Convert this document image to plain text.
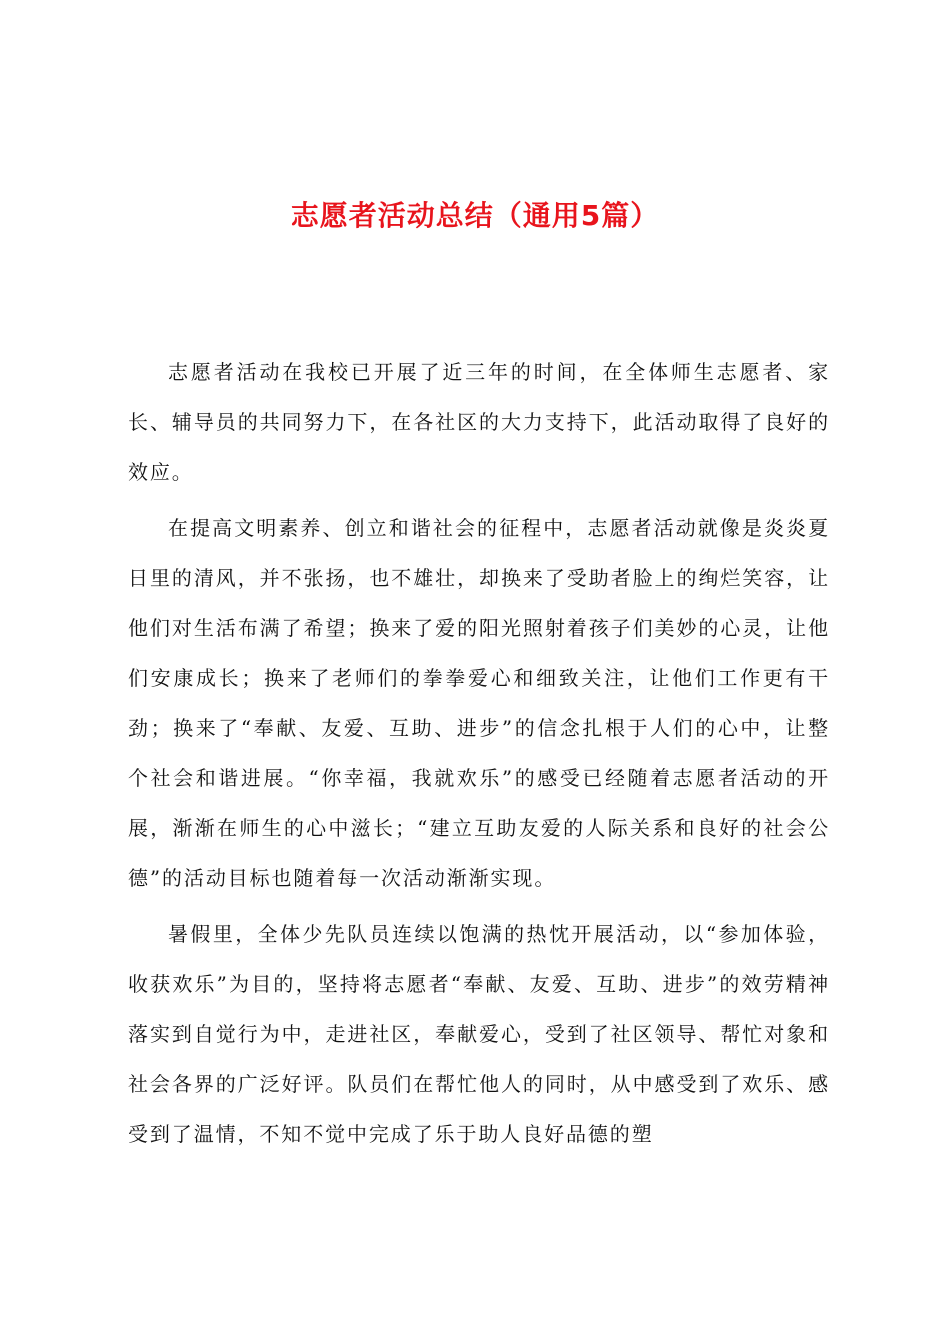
志愿者活动总结（通用5篇）

志愿者活动在我校已开展了近三年的时间，在全体师生志愿者、家长、辅导员的共同努力下，在各社区的大力支持下，此活动取得了良好的效应。

在提高文明素养、创立和谐社会的征程中，志愿者活动就像是炎炎夏日里的清风，并不张扬，也不雄壮，却换来了受助者脸上的绚烂笑容，让他们对生活布满了希望；换来了爱的阳光照射着孩子们美妙的心灵，让他们安康成长；换来了老师们的拳拳爱心和细致关注，让他们工作更有干劲；换来了“奉献、友爱、互助、进步”的信念扎根于人们的心中，让整个社会和谐进展。“你幸福，我就欢乐”的感受已经随着志愿者活动的开展，渐渐在师生的心中滋长；“建立互助友爱的人际关系和良好的社会公德”的活动目标也随着每一次活动渐渐实现。

暑假里，全体少先队员连续以饱满的热忱开展活动，以“参加体验，收获欢乐”为目的，坚持将志愿者“奉献、友爱、互助、进步”的效劳精神落实到自觉行为中，走进社区，奉献爱心，受到了社区领导、帮忙对象和社会各界的广泛好评。队员们在帮忙他人的同时，从中感受到了欢乐、感受到了温情，不知不觉中完成了乐于助人良好品德的塑
